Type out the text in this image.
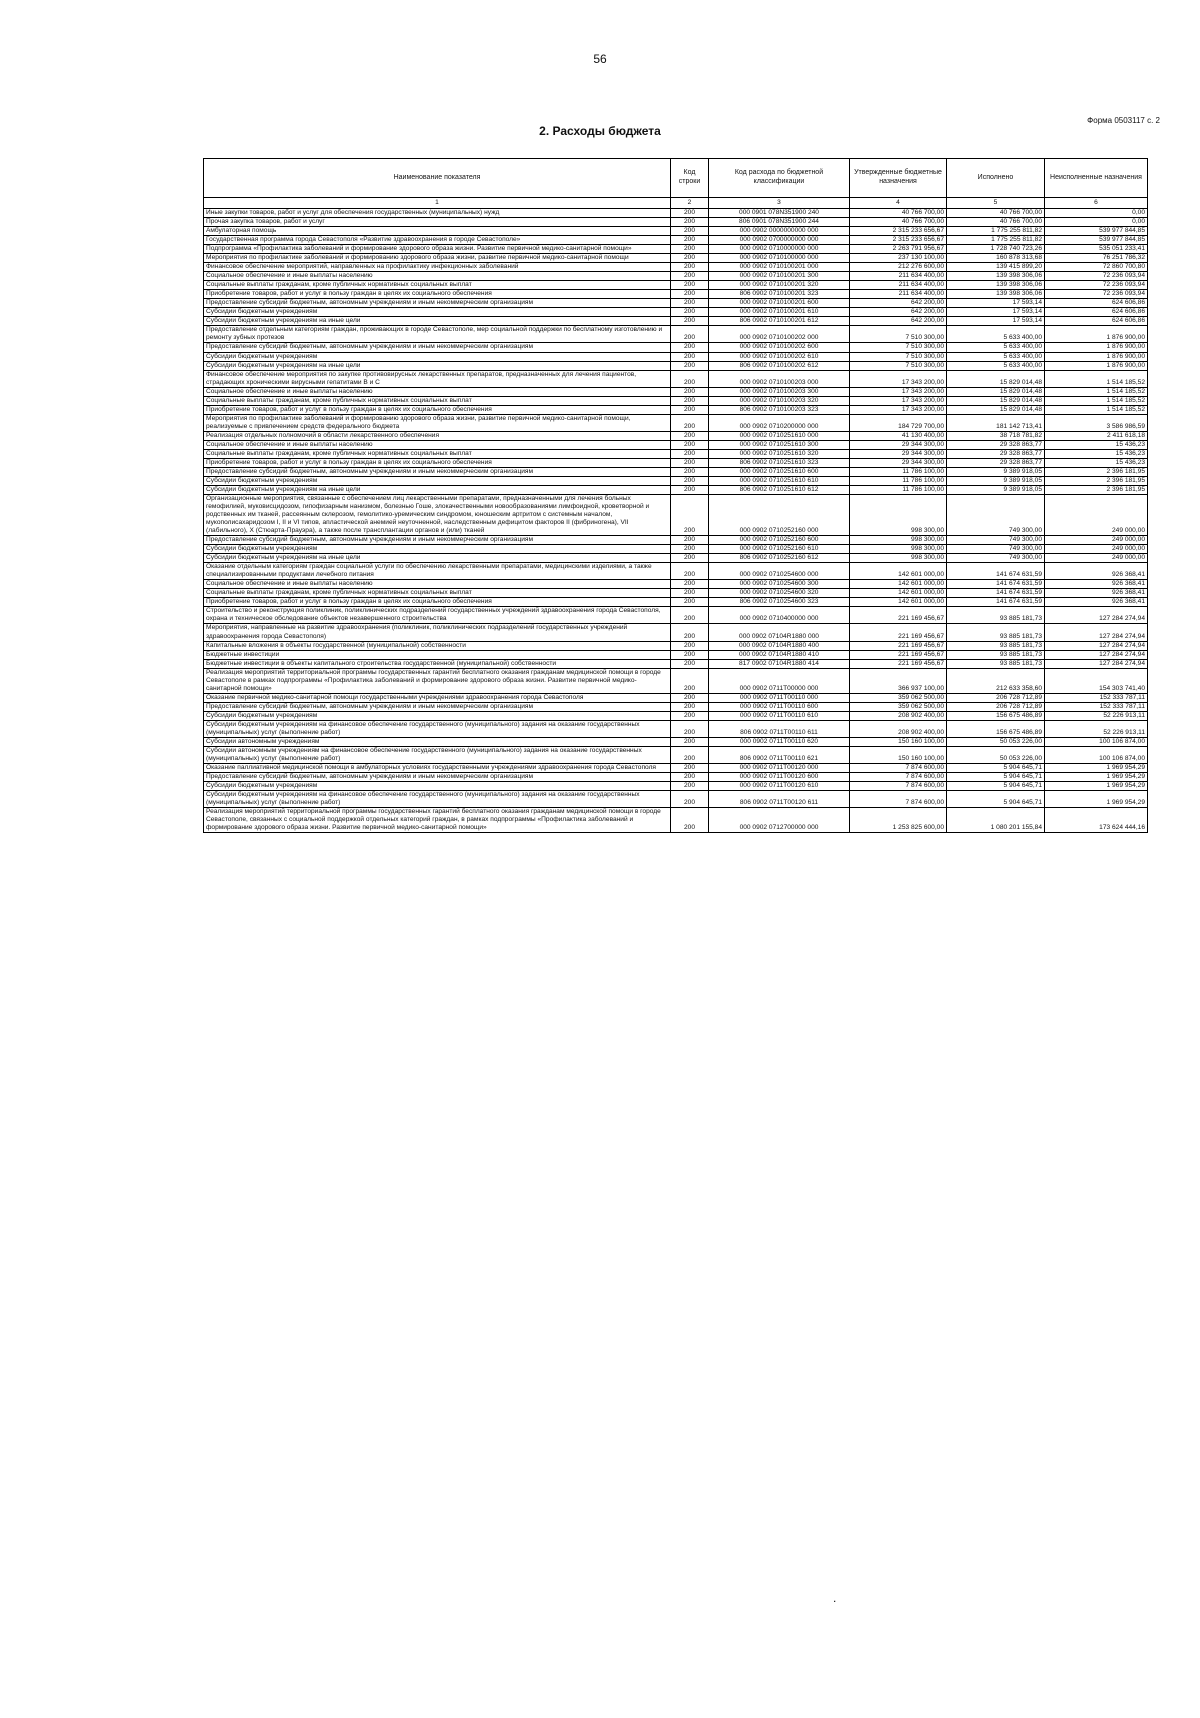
56
Форма 0503117 с. 2
2. Расходы бюджета
Наименование показателя	Код строки	Код расхода по бюджетной классификации	Утвержденные бюджетные назначения	Исполнено	Неисполненные назначения
1	2	3	4	5	6
Иные закупки товаров, работ и услуг для обеспечения государственных (муниципальных) нужд	200	000 0901 078N351900 240	40 766 700,00	40 766 700,00	0,00
Прочая закупка товаров, работ и услуг	200	806 0901 078N351900 244	40 766 700,00	40 766 700,00	0,00
Амбулаторная помощь	200	000 0902 0000000000 000	2 315 233 656,67	1 775 255 811,82	539 977 844,85
Государственная программа города Севастополя «Развитие здравоохранения в городе Севастополе»	200	000 0902 0700000000 000	2 315 233 656,67	1 775 255 811,82	539 977 844,85
Подпрограмма «Профилактика заболеваний и формирование здорового образа жизни. Развитие первичной медико-санитарной помощи»	200	000 0902 0710000000 000	2 263 791 956,67	1 728 740 723,26	535 051 233,41
Мероприятия по профилактике заболеваний и формированию здорового образа жизни, развитие первичной медико-санитарной помощи	200	000 0902 0710100000 000	237 130 100,00	160 878 313,68	76 251 786,32
Финансовое обеспечение мероприятий, направленных на профилактику инфекционных заболеваний	200	000 0902 0710100201 000	212 276 600,00	139 415 899,20	72 860 700,80
Социальное обеспечение и иные выплаты населению	200	000 0902 0710100201 300	211 634 400,00	139 398 306,06	72 236 093,94
Социальные выплаты гражданам, кроме публичных нормативных социальных выплат	200	000 0902 0710100201 320	211 634 400,00	139 398 306,06	72 236 093,94
Приобретение товаров, работ и услуг в пользу граждан в целях их социального обеспечения	200	806 0902 0710100201 323	211 634 400,00	139 398 306,06	72 236 093,94
Предоставление субсидий бюджетным, автономным учреждениям и иным некоммерческим организациям	200	000 0902 0710100201 600	642 200,00	17 593,14	624 606,86
Субсидии бюджетным учреждениям	200	000 0902 0710100201 610	642 200,00	17 593,14	624 606,86
Субсидии бюджетным учреждениям на иные цели	200	806 0902 0710100201 612	642 200,00	17 593,14	624 606,86
Предоставление отдельным категориям граждан, проживающих в городе Севастополе, мер социальной поддержки по бесплатному изготовлению и ремонту зубных протезов	200	000 0902 0710100202 000	7 510 300,00	5 633 400,00	1 876 900,00
Предоставление субсидий бюджетным, автономным учреждениям и иным некоммерческим организациям	200	000 0902 0710100202 600	7 510 300,00	5 633 400,00	1 876 900,00
Субсидии бюджетным учреждениям	200	000 0902 0710100202 610	7 510 300,00	5 633 400,00	1 876 900,00
Субсидии бюджетным учреждениям на иные цели	200	806 0902 0710100202 612	7 510 300,00	5 633 400,00	1 876 900,00
Финансовое обеспечение мероприятия по закупке противовирусных лекарственных препаратов, предназначенных для лечения пациентов, страдающих хроническими вирусными гепатитами В и С	200	000 0902 0710100203 000	17 343 200,00	15 829 014,48	1 514 185,52
Социальное обеспечение и иные выплаты населению	200	000 0902 0710100203 300	17 343 200,00	15 829 014,48	1 514 185,52
Социальные выплаты гражданам, кроме публичных нормативных социальных выплат	200	000 0902 0710100203 320	17 343 200,00	15 829 014,48	1 514 185,52
Приобретение товаров, работ и услуг в пользу граждан в целях их социального обеспечения	200	806 0902 0710100203 323	17 343 200,00	15 829 014,48	1 514 185,52
Мероприятия по профилактике заболеваний и формированию здорового образа жизни, развитие первичной медико-санитарной помощи, реализуемые с привлечением средств федерального бюджета	200	000 0902 0710200000 000	184 729 700,00	181 142 713,41	3 586 986,59
Реализация отдельных полномочий в области лекарственного обеспечения	200	000 0902 0710251610 000	41 130 400,00	38 718 781,82	2 411 618,18
Социальное обеспечение и иные выплаты населению	200	000 0902 0710251610 300	29 344 300,00	29 328 863,77	15 436,23
Социальные выплаты гражданам, кроме публичных нормативных социальных выплат	200	000 0902 0710251610 320	29 344 300,00	29 328 863,77	15 436,23
Приобретение товаров, работ и услуг в пользу граждан в целях их социального обеспечения	200	806 0902 0710251610 323	29 344 300,00	29 328 863,77	15 436,23
Предоставление субсидий бюджетным, автономным учреждениям и иным некоммерческим организациям	200	000 0902 0710251610 600	11 786 100,00	9 389 918,05	2 396 181,95
Субсидии бюджетным учреждениям	200	000 0902 0710251610 610	11 786 100,00	9 389 918,05	2 396 181,95
Субсидии бюджетным учреждениям на иные цели	200	806 0902 0710251610 612	11 786 100,00	9 389 918,05	2 396 181,95
Организационные мероприятия, связанные с обеспечением лиц лекарственными препаратами, предназначенными для лечения больных гемофилией, муковисцидозом, гипофизарным нанизмом, болезнью Гоше, злокачественными новообразованиями лимфоидной, кроветворной и родственных им тканей, рассеянным склерозом, гемолитико-уремическим синдромом, юношеским артритом с системным началом, мукополисахаридозом I, II и VI типов, апластической анемией неуточненной, наследственным дефицитом факторов II (фибриногена), VII (лабильного), X (Стюарта-Прауэра), а также после трансплантации органов и (или) тканей	200	000 0902 0710252160 000	998 300,00	749 300,00	249 000,00
Предоставление субсидий бюджетным, автономным учреждениям и иным некоммерческим организациям	200	000 0902 0710252160 600	998 300,00	749 300,00	249 000,00
Субсидии бюджетным учреждениям	200	000 0902 0710252160 610	998 300,00	749 300,00	249 000,00
Субсидии бюджетным учреждениям на иные цели	200	806 0902 0710252160 612	998 300,00	749 300,00	249 000,00
Оказание отдельным категориям граждан социальной услуги по обеспечению лекарственными препаратами, медицинскими изделиями, а также специализированными продуктами лечебного питания	200	000 0902 0710254600 000	142 601 000,00	141 674 631,59	926 368,41
Социальное обеспечение и иные выплаты населению	200	000 0902 0710254600 300	142 601 000,00	141 674 631,59	926 368,41
Социальные выплаты гражданам, кроме публичных нормативных социальных выплат	200	000 0902 0710254600 320	142 601 000,00	141 674 631,59	926 368,41
Приобретение товаров, работ и услуг в пользу граждан в целях их социального обеспечения	200	806 0902 0710254600 323	142 601 000,00	141 674 631,59	926 368,41
Строительство и реконструкция поликлиник, поликлинических подразделений государственных учреждений здравоохранения города Севастополя, охрана и техническое обследование объектов незавершенного строительства	200	000 0902 0710400000 000	221 169 456,67	93 885 181,73	127 284 274,94
Мероприятия, направленные на развитие здравоохранения (поликлиник, поликлинических подразделений государственных учреждений здравоохранения города Севастополя)	200	000 0902 07104R1880 000	221 169 456,67	93 885 181,73	127 284 274,94
Капитальные вложения в объекты государственной (муниципальной) собственности	200	000 0902 07104R1880 400	221 169 456,67	93 885 181,73	127 284 274,94
Бюджетные инвестиции	200	000 0902 07104R1880 410	221 169 456,67	93 885 181,73	127 284 274,94
Бюджетные инвестиции в объекты капитального строительства государственной (муниципальной) собственности	200	817 0902 07104R1880 414	221 169 456,67	93 885 181,73	127 284 274,94
Реализация мероприятий территориальной программы государственных гарантий бесплатного оказания гражданам медицинской помощи в городе Севастополе в рамках подпрограммы «Профилактика заболеваний и формирование здорового образа жизни. Развитие первичной медико-санитарной помощи»	200	000 0902 0711T00000 000	366 937 100,00	212 633 358,60	154 303 741,40
Оказание первичной медико-санитарной помощи государственными учреждениями здравоохранения города Севастополя	200	000 0902 0711T00110 000	359 062 500,00	206 728 712,89	152 333 787,11
Предоставление субсидий бюджетным, автономным учреждениям и иным некоммерческим организациям	200	000 0902 0711T00110 600	359 062 500,00	206 728 712,89	152 333 787,11
Субсидии бюджетным учреждениям	200	000 0902 0711T00110 610	208 902 400,00	156 675 486,89	52 226 913,11
Субсидии бюджетным учреждениям на финансовое обеспечение государственного (муниципального) задания на оказание государственных (муниципальных) услуг (выполнение работ)	200	806 0902 0711T00110 611	208 902 400,00	156 675 486,89	52 226 913,11
Субсидии автономным учреждениям	200	000 0902 0711T00110 620	150 160 100,00	50 053 226,00	100 106 874,00
Субсидии автономным учреждениям на финансовое обеспечение государственного (муниципального) задания на оказание государственных (муниципальных) услуг (выполнение работ)	200	806 0902 0711T00110 621	150 160 100,00	50 053 226,00	100 106 874,00
Оказание паллиативной медицинской помощи в амбулаторных условиях государственными учреждениями здравоохранения города Севастополя	200	000 0902 0711T00120 000	7 874 600,00	5 904 645,71	1 969 954,29
Предоставление субсидий бюджетным, автономным учреждениям и иным некоммерческим организациям	200	000 0902 0711T00120 600	7 874 600,00	5 904 645,71	1 969 954,29
Субсидии бюджетным учреждениям	200	000 0902 0711T00120 610	7 874 600,00	5 904 645,71	1 969 954,29
Субсидии бюджетным учреждениям на финансовое обеспечение государственного (муниципального) задания на оказание государственных (муниципальных) услуг (выполнение работ)	200	806 0902 0711T00120 611	7 874 600,00	5 904 645,71	1 969 954,29
Реализация мероприятий территориальной программы государственных гарантий бесплатного оказания гражданам медицинской помощи в городе Севастополе, связанных с социальной поддержкой отдельных категорий граждан, в рамках подпрограммы «Профилактика заболеваний и формирование здорового образа жизни. Развитие первичной медико-санитарной помощи»	200	000 0902 0712700000 000	1 253 825 600,00	1 080 201 155,84	173 624 444,16
.
